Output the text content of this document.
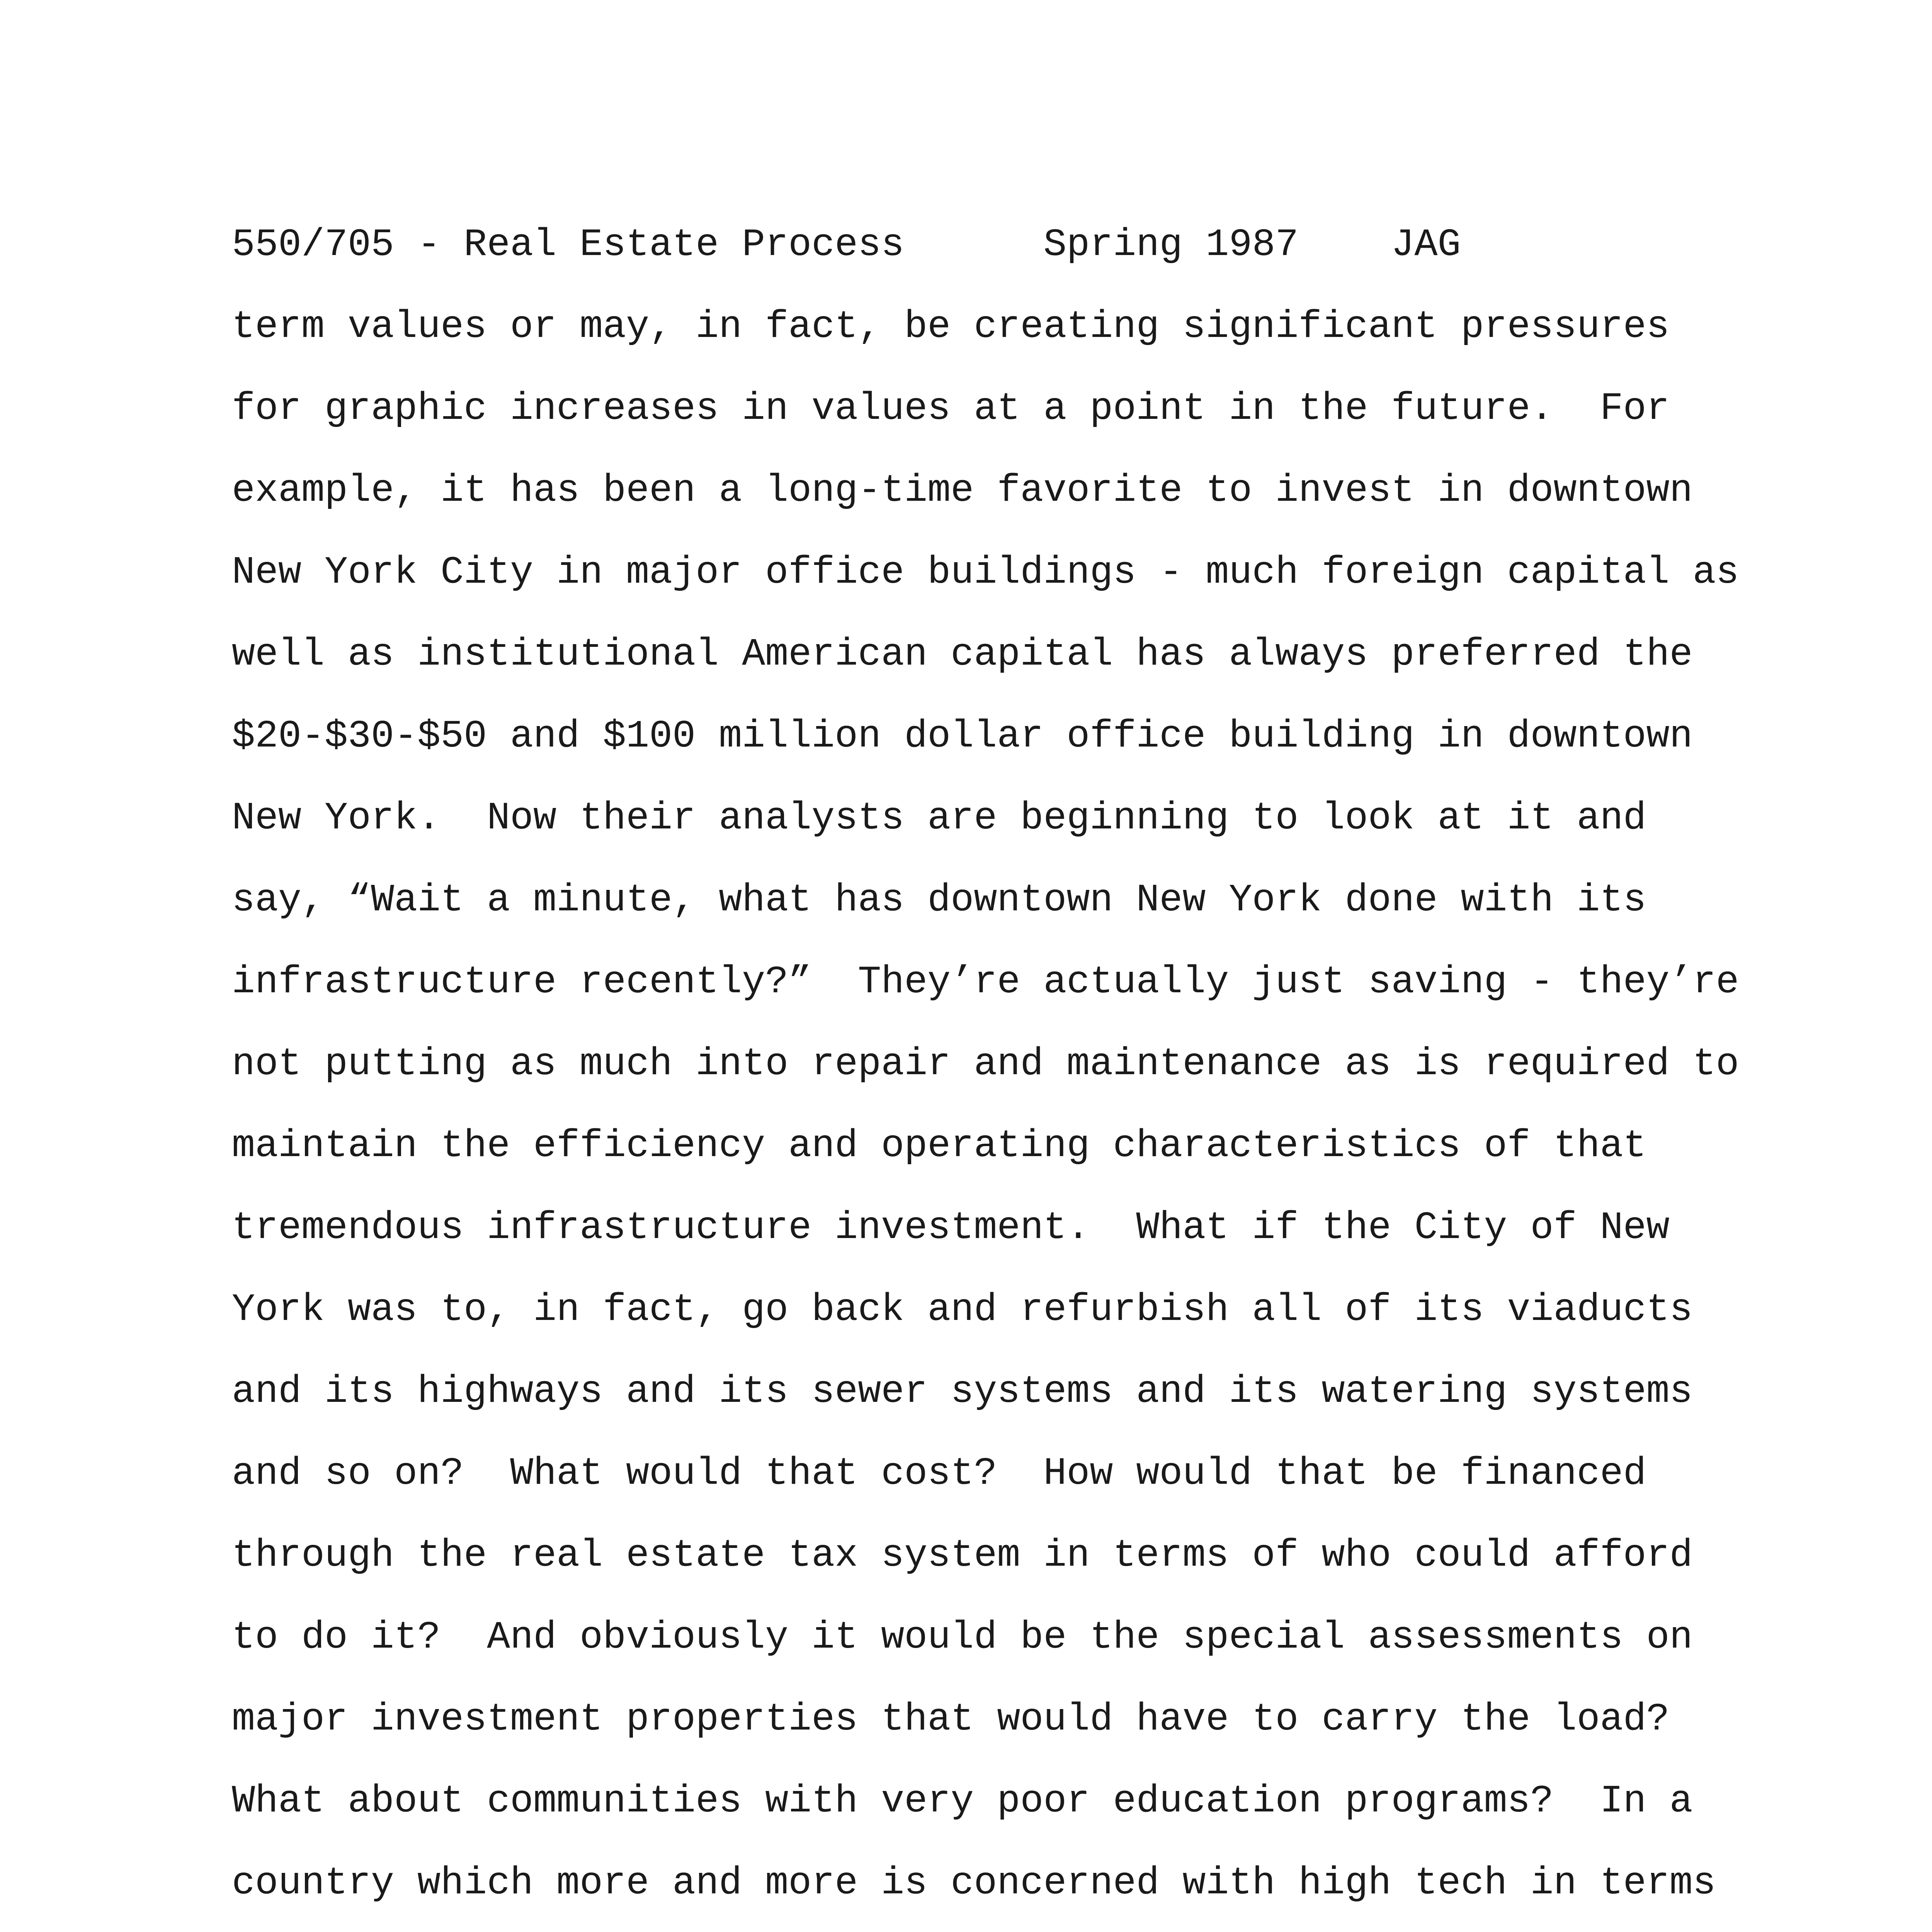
550/705 - Real Estate Process	Spring 1987 JAG
term values or may, in fact, be creating significant pressures
for graphic increases in values at a point in the future.  For
example, it has been a long-time favorite to invest in downtown
New York City in major office buildings - much foreign capital as
well as institutional American capital has always preferred the
$20-$30-$50 and $100 million dollar office building in downtown
New York.  Now their analysts are beginning to look at it and
say, “Wait a minute, what has downtown New York done with its
infrastructure recently?”  They’re actually just saving - they’re
not putting as much into repair and maintenance as is required to
maintain the efficiency and operating characteristics of that
tremendous infrastructure investment.  What if the City of New
York was to, in fact, go back and refurbish all of its viaducts
and its highways and its sewer systems and its watering systems
and so on?  What would that cost?  How would that be financed
through the real estate tax system in terms of who could afford
to do it?  And obviously it would be the special assessments on
major investment properties that would have to carry the load?
What about communities with very poor education programs?  In a
country which more and more is concerned with high tech in terms
